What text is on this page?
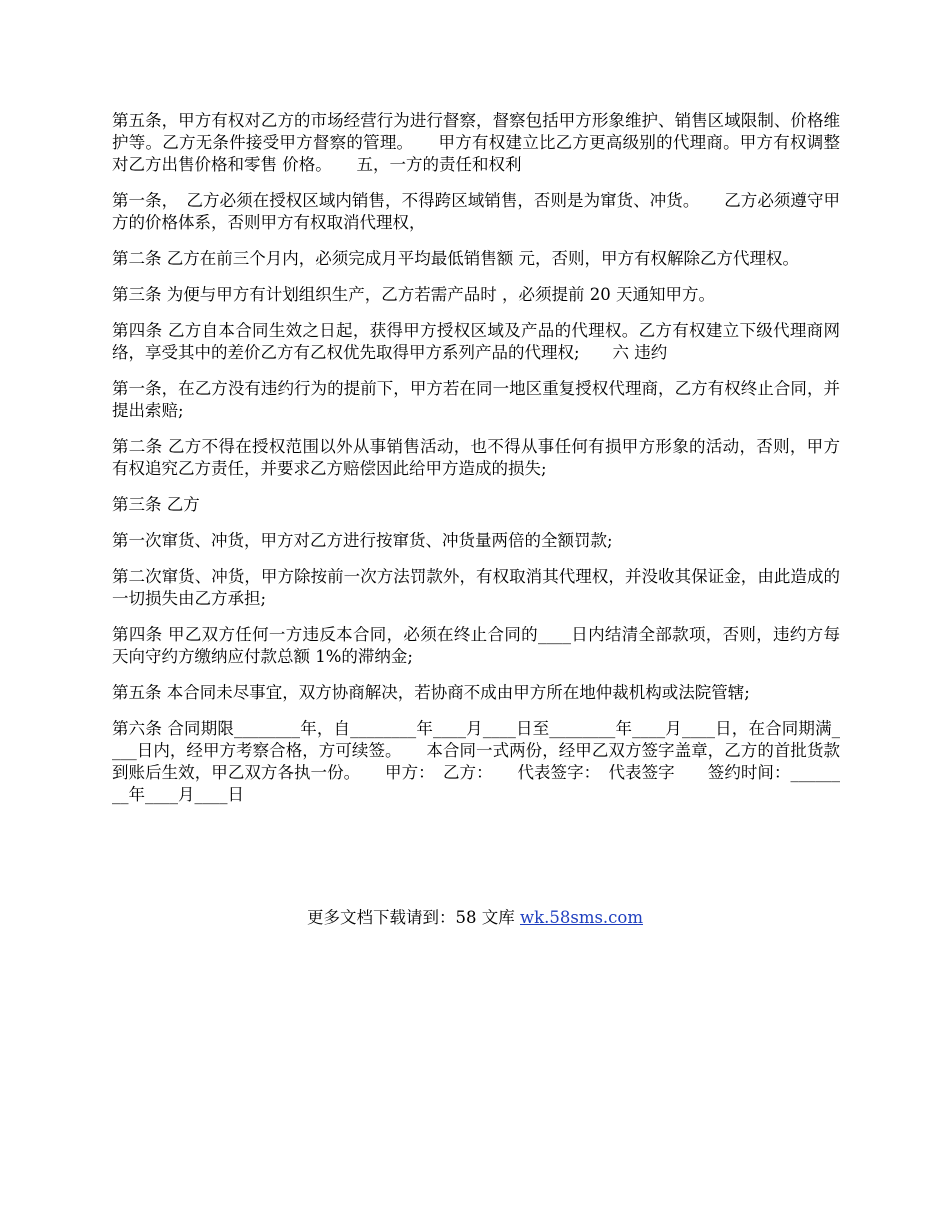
第五条，甲方有权对乙方的市场经营行为进行督察，督察包括甲方形象维护、销售区域限制、价格维护等。乙方无条件接受甲方督察的管理。　　甲方有权建立比乙方更高级别的代理商。甲方有权调整对乙方出售价格和零售 价格。　　五，一方的责任和权利

第一条，　乙方必须在授权区域内销售，不得跨区域销售，否则是为窜货、冲货。　　乙方必须遵守甲方的价格体系，否则甲方有权取消代理权，

第二条 乙方在前三个月内，必须完成月平均最低销售额 元，否则，甲方有权解除乙方代理权。

第三条 为便与甲方有计划组织生产，乙方若需产品时 ，必须提前 20 天通知甲方。

第四条 乙方自本合同生效之日起，获得甲方授权区域及产品的代理权。乙方有权建立下级代理商网络，享受其中的差价乙方有乙权优先取得甲方系列产品的代理权;　　六 违约

第一条，在乙方没有违约行为的提前下，甲方若在同一地区重复授权代理商，乙方有权终止合同，并提出索赔;

第二条 乙方不得在授权范围以外从事销售活动，也不得从事任何有损甲方形象的活动，否则，甲方有权追究乙方责任，并要求乙方赔偿因此给甲方造成的损失;

第三条 乙方

第一次窜货、冲货，甲方对乙方进行按窜货、冲货量两倍的全额罚款;

第二次窜货、冲货，甲方除按前一次方法罚款外，有权取消其代理权，并没收其保证金，由此造成的一切损失由乙方承担;

第四条 甲乙双方任何一方违反本合同，必须在终止合同的____日内结清全部款项，否则，违约方每天向守约方缴纳应付款总额 1%的滞纳金;

第五条 本合同未尽事宜，双方协商解决，若协商不成由甲方所在地仲裁机构或法院管辖;

第六条 合同期限________年，自________年____月____日至________年____月____日，在合同期满____日内，经甲方考察合格，方可续签。　　本合同一式两份，经甲乙双方签字盖章，乙方的首批货款到账后生效，甲乙双方各执一份。　　甲方：　乙方：　　代表签字：　代表签字　　签约时间：________年____月____日

更多文档下载请到：58 文库 wk.58sms.com
